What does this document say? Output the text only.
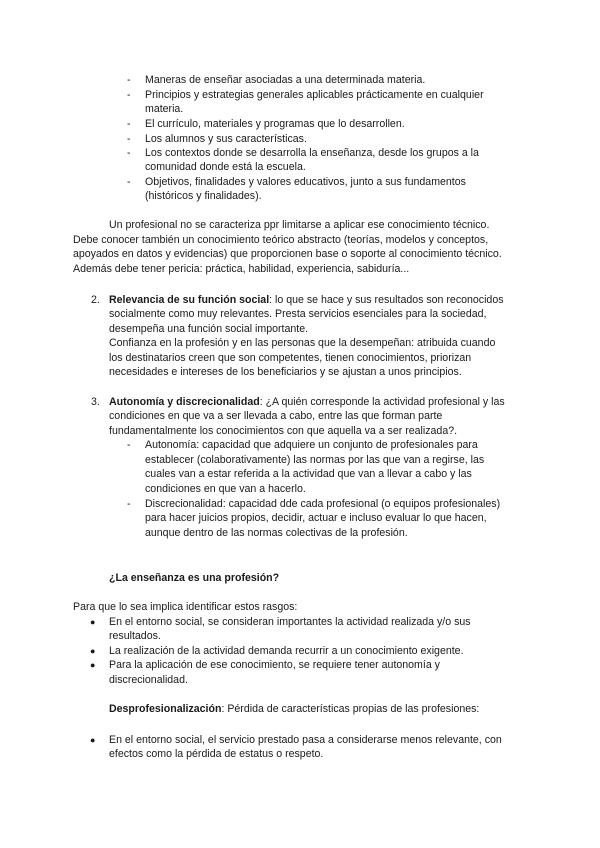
- Maneras de enseñar asociadas a una determinada materia.
- Principios y estrategias generales aplicables prácticamente en cualquier
materia.
- El currículo, materiales y programas que lo desarrollen.
- Los alumnos y sus características.
- Los contextos donde se desarrolla la enseñanza, desde los grupos a la
comunidad donde está la escuela.
- Objetivos, finalidades y valores educativos, junto a sus fundamentos
(históricos y finalidades).
Un profesional no se caracteriza ppr limitarse a aplicar ese conocimiento técnico.
Debe conocer también un conocimiento teórico abstracto (teorías, modelos y conceptos,
apoyados en datos y evidencias) que proporcionen base o soporte al conocimiento técnico.
Además debe tener pericia: práctica, habilidad, experiencia, sabiduría...
2. Relevancia de su función social: lo que se hace y sus resultados son reconocidos
socialmente como muy relevantes. Presta servicios esenciales para la sociedad,
desempeña una función social importante.
Confianza en la profesión y en las personas que la desempeñan: atribuida cuando
los destinatarios creen que son competentes, tienen conocimientos, priorizan
necesidades e intereses de los beneficiarios y se ajustan a unos principios.
3. Autonomía y discrecionalidad: ¿A quién corresponde la actividad profesional y las
condiciones en que va a ser llevada a cabo, entre las que forman parte
fundamentalmente los conocimientos con que aquella va a ser realizada?.
- Autonomía: capacidad que adquiere un conjunto de profesionales para
establecer (colaborativamente) las normas por las que van a regirse, las
cuales van a estar referida a la actividad que van a llevar a cabo y las
condiciones en que van a hacerlo.
- Discrecionalidad: capacidad dde cada profesional (o equipos profesionales)
para hacer juicios propios, decidir, actuar e incluso evaluar lo que hacen,
aunque dentro de las normas colectivas de la profesión.
¿La enseñanza es una profesión?
Para que lo sea implica identificar estos rasgos:
● En el entorno social, se consideran importantes la actividad realizada y/o sus
resultados.
● La realización de la actividad demanda recurrir a un conocimiento exigente.
● Para la aplicación de ese conocimiento, se requiere tener autonomía y
discrecionalidad.
Desprofesionalización: Pérdida de características propias de las profesiones:
● En el entorno social, el servicio prestado pasa a considerarse menos relevante, con
efectos como la pérdida de estatus o respeto.
